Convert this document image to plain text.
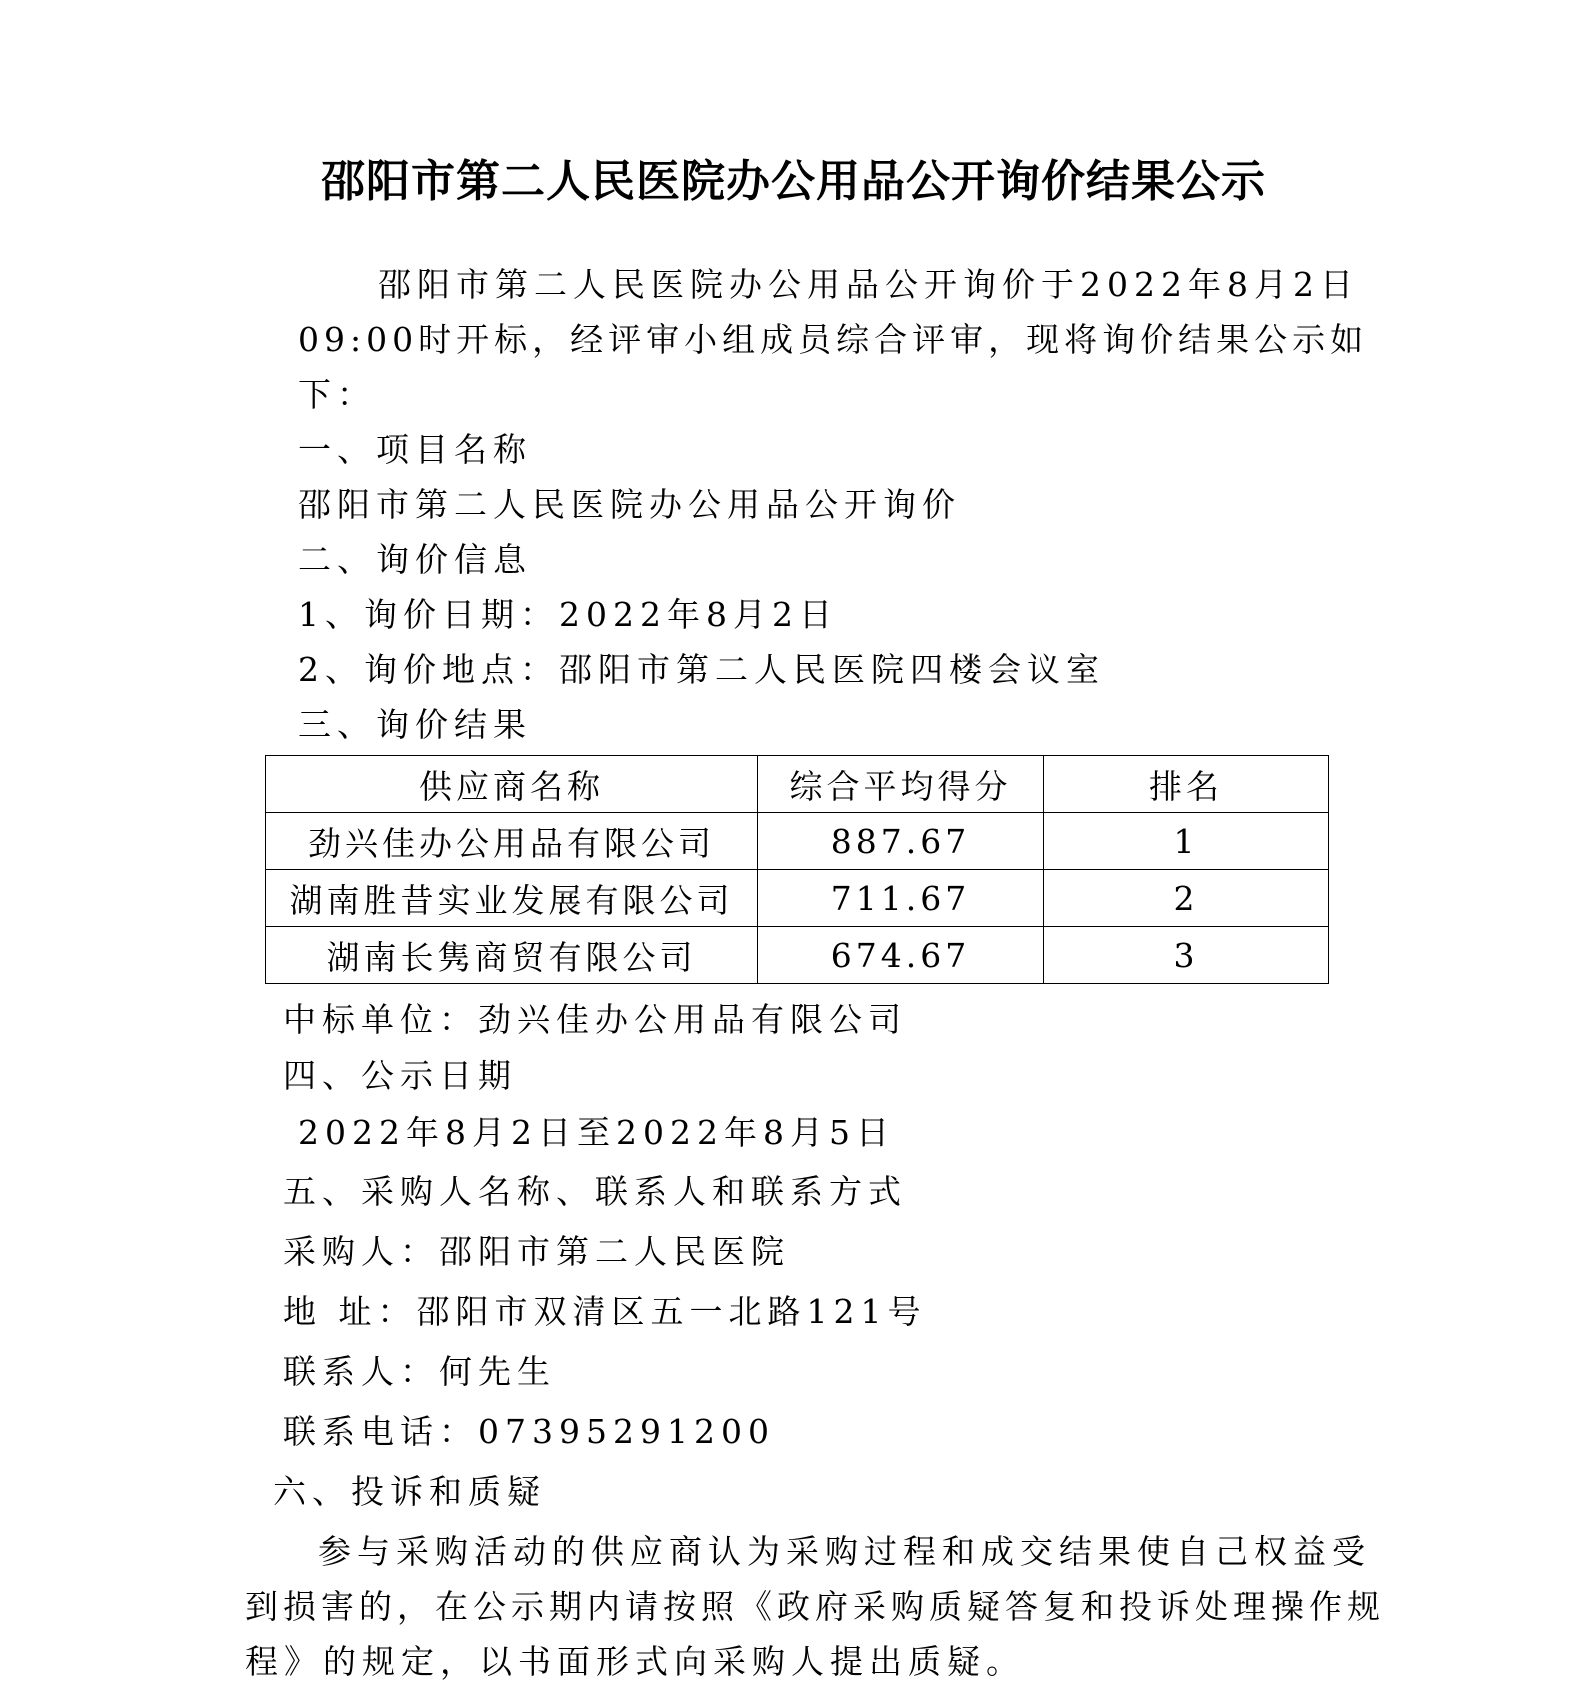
邵阳市第二人民医院办公用品公开询价结果公示
邵阳市第二人民医院办公用品公开询价于2022年8月2日
09:00时开标，经评审小组成员综合评审，现将询价结果公示如
下：
一、项目名称
邵阳市第二人民医院办公用品公开询价
二、询价信息
1、询价日期：2022年8月2日
2、询价地点：邵阳市第二人民医院四楼会议室
三、询价结果
供应商名称	综合平均得分	排名
劲兴佳办公用品有限公司	887.67	1
湖南胜昔实业发展有限公司	711.67	2
湖南长隽商贸有限公司	674.67	3
中标单位：劲兴佳办公用品有限公司
四、公示日期
2022年8月2日至2022年8月5日
五、采购人名称、联系人和联系方式
采购人：邵阳市第二人民医院
地 址：邵阳市双清区五一北路121号
联系人：何先生
联系电话：07395291200
六、投诉和质疑
参与采购活动的供应商认为采购过程和成交结果使自己权益受
到损害的，在公示期内请按照《政府采购质疑答复和投诉处理操作规
程》的规定，以书面形式向采购人提出质疑。
